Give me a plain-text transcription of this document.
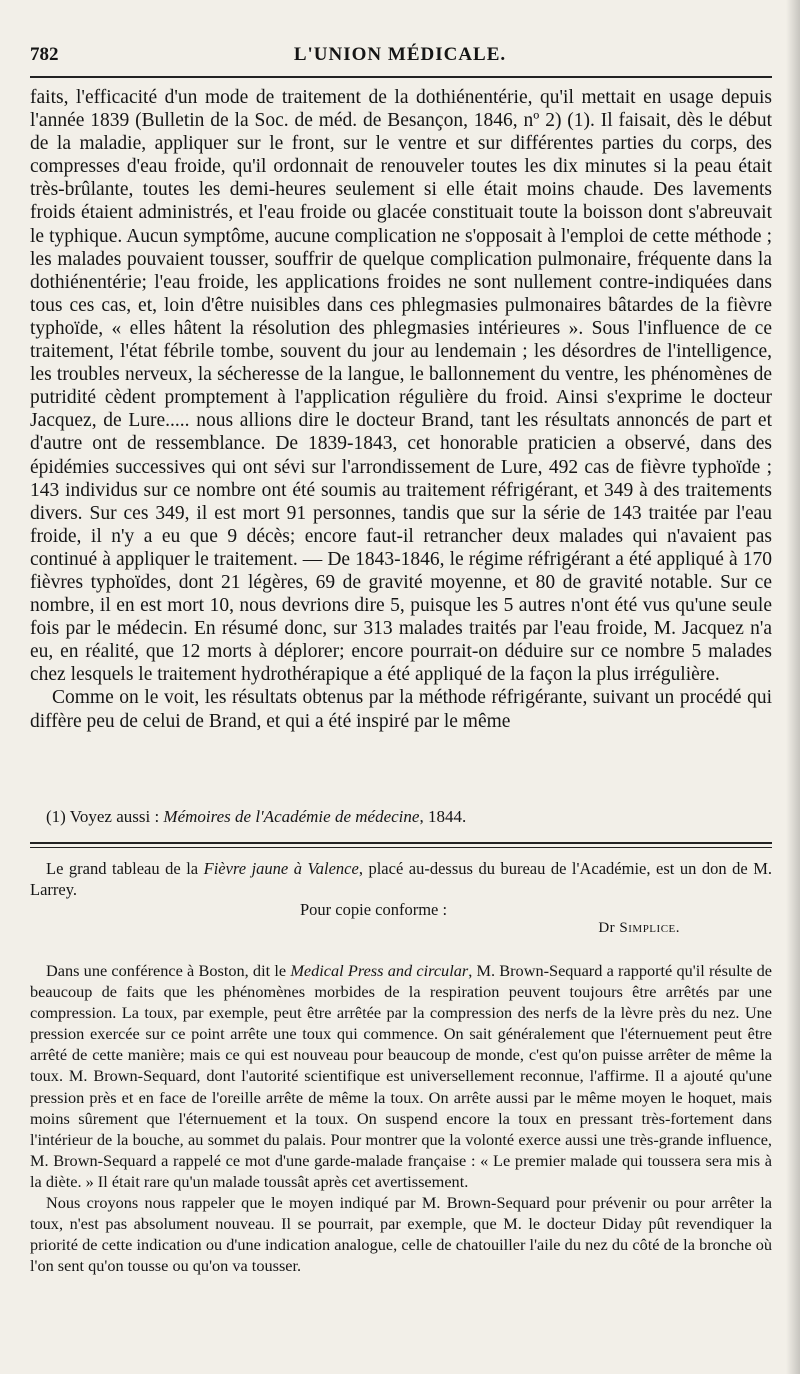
782	L'UNION MÉDICALE.

faits, l'efficacité d'un mode de traitement de la dothiénentérie, qu'il mettait en usage depuis l'année 1839 (Bulletin de la Soc. de méd. de Besançon, 1846, nº 2) (1). Il faisait, dès le début de la maladie, appliquer sur le front, sur le ventre et sur différentes parties du corps, des compresses d'eau froide, qu'il ordonnait de renouveler toutes les dix minutes si la peau était très-brûlante, toutes les demi-heures seulement si elle était moins chaude. Des lavements froids étaient administrés, et l'eau froide ou glacée constituait toute la boisson dont s'abreuvait le typhique. Aucun symptôme, aucune complication ne s'opposait à l'emploi de cette méthode ; les malades pouvaient tousser, souffrir de quelque complication pulmonaire, fréquente dans la dothiénentérie; l'eau froide, les applications froides ne sont nullement contre-indiquées dans tous ces cas, et, loin d'être nuisibles dans ces phlegmasies pulmonaires bâtardes de la fièvre typhoïde, « elles hâtent la résolution des phlegmasies intérieures ». Sous l'influence de ce traitement, l'état fébrile tombe, souvent du jour au lendemain ; les désordres de l'intelligence, les troubles nerveux, la sécheresse de la langue, le ballonnement du ventre, les phénomènes de putridité cèdent promptement à l'application régulière du froid. Ainsi s'exprime le docteur Jacquez, de Lure..... nous allions dire le docteur Brand, tant les résultats annoncés de part et d'autre ont de ressemblance. De 1839-1843, cet honorable praticien a observé, dans des épidémies successives qui ont sévi sur l'arrondissement de Lure, 492 cas de fièvre typhoïde ; 143 individus sur ce nombre ont été soumis au traitement réfrigérant, et 349 à des traitements divers. Sur ces 349, il est mort 91 personnes, tandis que sur la série de 143 traitée par l'eau froide, il n'y a eu que 9 décès; encore faut-il retrancher deux malades qui n'avaient pas continué à appliquer le traitement. — De 1843-1846, le régime réfrigérant a été appliqué à 170 fièvres typhoïdes, dont 21 légères, 69 de gravité moyenne, et 80 de gravité notable. Sur ce nombre, il en est mort 10, nous devrions dire 5, puisque les 5 autres n'ont été vus qu'une seule fois par le médecin. En résumé donc, sur 313 malades traités par l'eau froide, M. Jacquez n'a eu, en réalité, que 12 morts à déplorer; encore pourrait-on déduire sur ce nombre 5 malades chez lesquels le traitement hydrothérapique a été appliqué de la façon la plus irrégulière.

Comme on le voit, les résultats obtenus par la méthode réfrigérante, suivant un procédé qui diffère peu de celui de Brand, et qui a été inspiré par le même

(1) Voyez aussi : Mémoires de l'Académie de médecine, 1844.

Le grand tableau de la Fièvre jaune à Valence, placé au-dessus du bureau de l'Académie, est un don de M. Larrey.

Pour copie conforme :
Dr Simplice.

Dans une conférence à Boston, dit le Medical Press and circular, M. Brown-Sequard a rapporté qu'il résulte de beaucoup de faits que les phénomènes morbides de la respiration peuvent toujours être arrêtés par une compression. La toux, par exemple, peut être arrêtée par la compression des nerfs de la lèvre près du nez. Une pression exercée sur ce point arrête une toux qui commence. On sait généralement que l'éternuement peut être arrêté de cette manière; mais ce qui est nouveau pour beaucoup de monde, c'est qu'on puisse arrêter de même la toux. M. Brown-Sequard, dont l'autorité scientifique est universellement reconnue, l'affirme. Il a ajouté qu'une pression près et en face de l'oreille arrête de même la toux. On arrête aussi par le même moyen le hoquet, mais moins sûrement que l'éternuement et la toux. On suspend encore la toux en pressant très-fortement dans l'intérieur de la bouche, au sommet du palais. Pour montrer que la volonté exerce aussi une très-grande influence, M. Brown-Sequard a rappelé ce mot d'une garde-malade française : « Le premier malade qui toussera sera mis à la diète. » Il était rare qu'un malade toussât après cet avertissement.

Nous croyons nous rappeler que le moyen indiqué par M. Brown-Sequard pour prévenir ou pour arrêter la toux, n'est pas absolument nouveau. Il se pourrait, par exemple, que M. le docteur Diday pût revendiquer la priorité de cette indication ou d'une indication analogue, celle de chatouiller l'aile du nez du côté de la bronche où l'on sent qu'on tousse ou qu'on va tousser.
